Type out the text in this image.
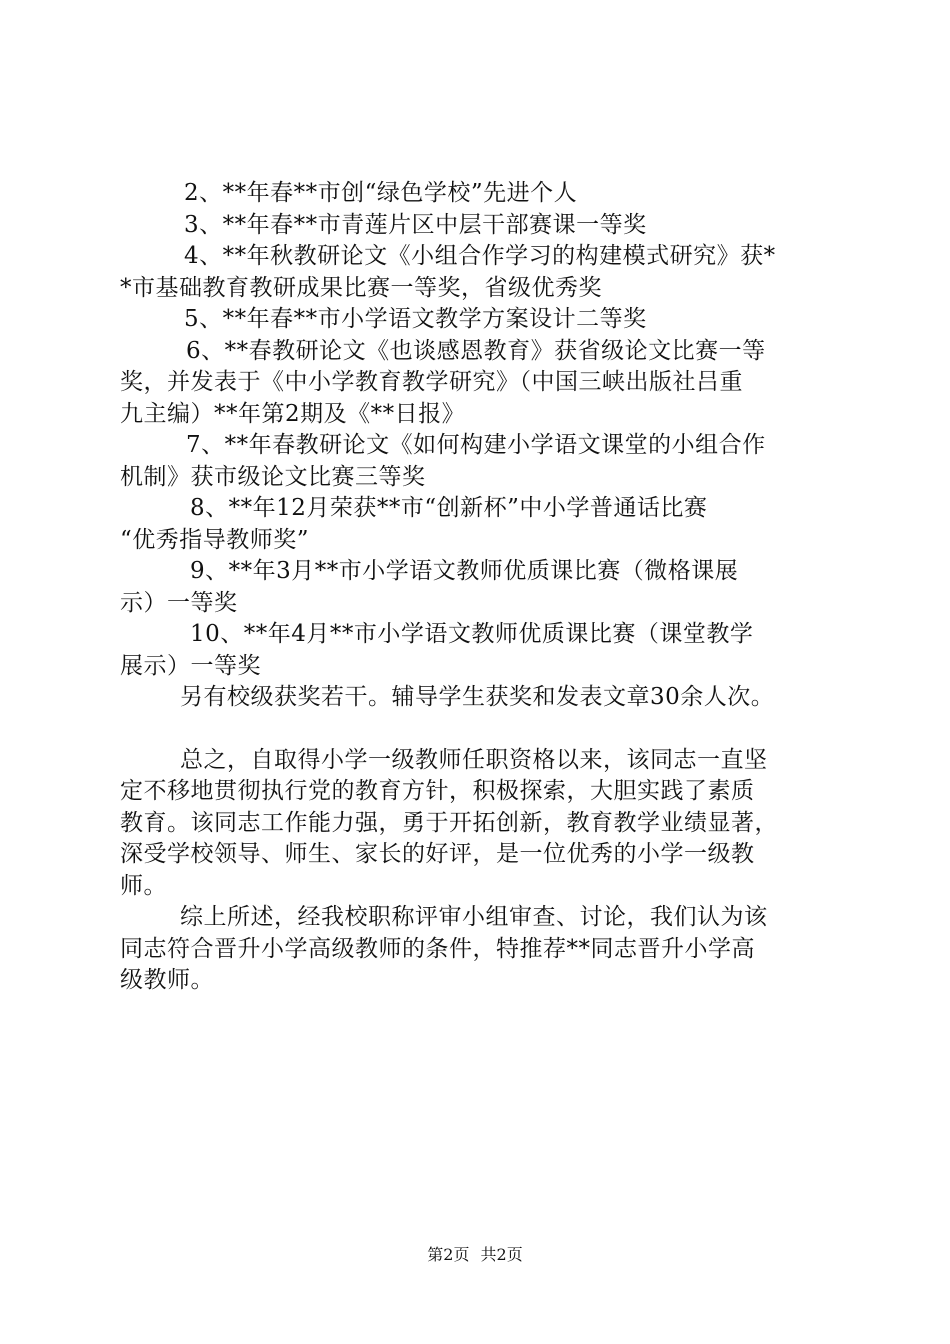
2、**年春**市创“绿色学校”先进个人
3、**年春**市青莲片区中层干部赛课一等奖
4、**年秋教研论文《小组合作学习的构建模式研究》获*
*市基础教育教研成果比赛一等奖，省级优秀奖
5、**年春**市小学语文教学方案设计二等奖
6、**春教研论文《也谈感恩教育》获省级论文比赛一等
奖，并发表于《中小学教育教学研究》（中国三峡出版社吕重
九主编）**年第2期及《**日报》
7、**年春教研论文《如何构建小学语文课堂的小组合作
机制》获市级论文比赛三等奖
8、**年12月荣获**市“创新杯”中小学普通话比赛
“优秀指导教师奖”
9、**年3月**市小学语文教师优质课比赛（微格课展
示）一等奖
10、**年4月**市小学语文教师优质课比赛（课堂教学
展示）一等奖
另有校级获奖若干。辅导学生获奖和发表文章30余人次。
总之，自取得小学一级教师任职资格以来，该同志一直坚
定不移地贯彻执行党的教育方针，积极探索，大胆实践了素质
教育。该同志工作能力强，勇于开拓创新，教育教学业绩显著，
深受学校领导、师生、家长的好评，是一位优秀的小学一级教
师。
综上所述，经我校职称评审小组审查、讨论，我们认为该
同志符合晋升小学高级教师的条件，特推荐**同志晋升小学高
级教师。
第2页 共2页
